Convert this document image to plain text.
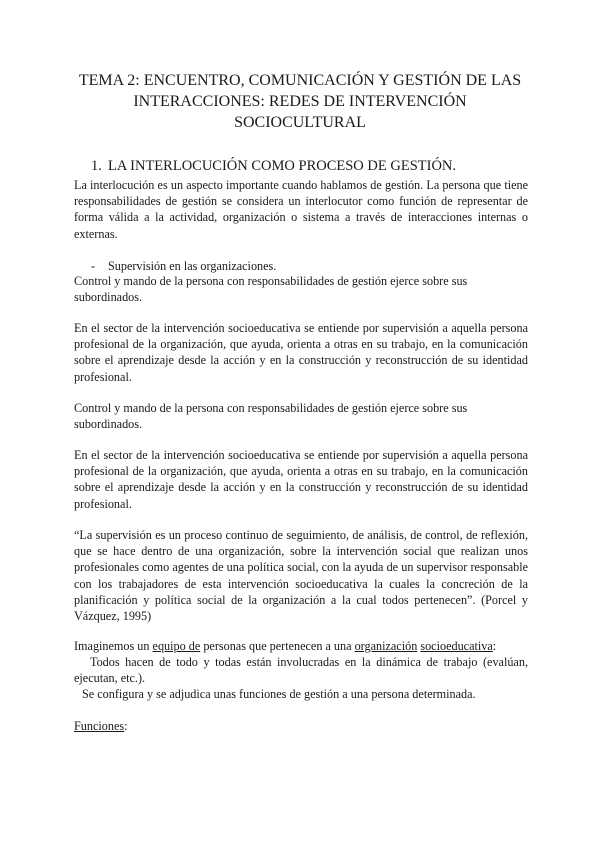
TEMA 2: ENCUENTRO, COMUNICACIÓN Y GESTIÓN DE LAS
INTERACCIONES: REDES DE INTERVENCIÓN
SOCIOCULTURAL
1. LA INTERLOCUCIÓN COMO PROCESO DE GESTIÓN.
La interlocución es un aspecto importante cuando hablamos de gestión. La persona que tiene responsabilidades de gestión se considera un interlocutor como función de representar de forma válida a la actividad, organización o sistema a través de interacciones internas o externas.
- Supervisión en las organizaciones.
Control y mando de la persona con responsabilidades de gestión ejerce sobre sus subordinados.
En el sector de la intervención socioeducativa se entiende por supervisión a aquella persona profesional de la organización, que ayuda, orienta a otras en su trabajo, en la comunicación sobre el aprendizaje desde la acción y en la construcción y reconstrucción de su identidad profesional.
Control y mando de la persona con responsabilidades de gestión ejerce sobre sus subordinados.
En el sector de la intervención socioeducativa se entiende por supervisión a aquella persona profesional de la organización, que ayuda, orienta a otras en su trabajo, en la comunicación sobre el aprendizaje desde la acción y en la construcción y reconstrucción de su identidad profesional.
“La supervisión es un proceso continuo de seguimiento, de análisis, de control, de reflexión, que se hace dentro de una organización, sobre la intervención social que realizan unos profesionales como agentes de una política social, con la ayuda de un supervisor responsable con los trabajadores de esta intervención socioeducativa la cuales la concreción de la planificación y política social de la organización a la cual todos pertenecen”. (Porcel y Vázquez, 1995)
Imaginemos un equipo de personas que pertenecen a una organización socioeducativa:
Todos hacen de todo y todas están involucradas en la dinámica de trabajo (evalúan, ejecutan, etc.).
Se configura y se adjudica unas funciones de gestión a una persona determinada.
Funciones:
